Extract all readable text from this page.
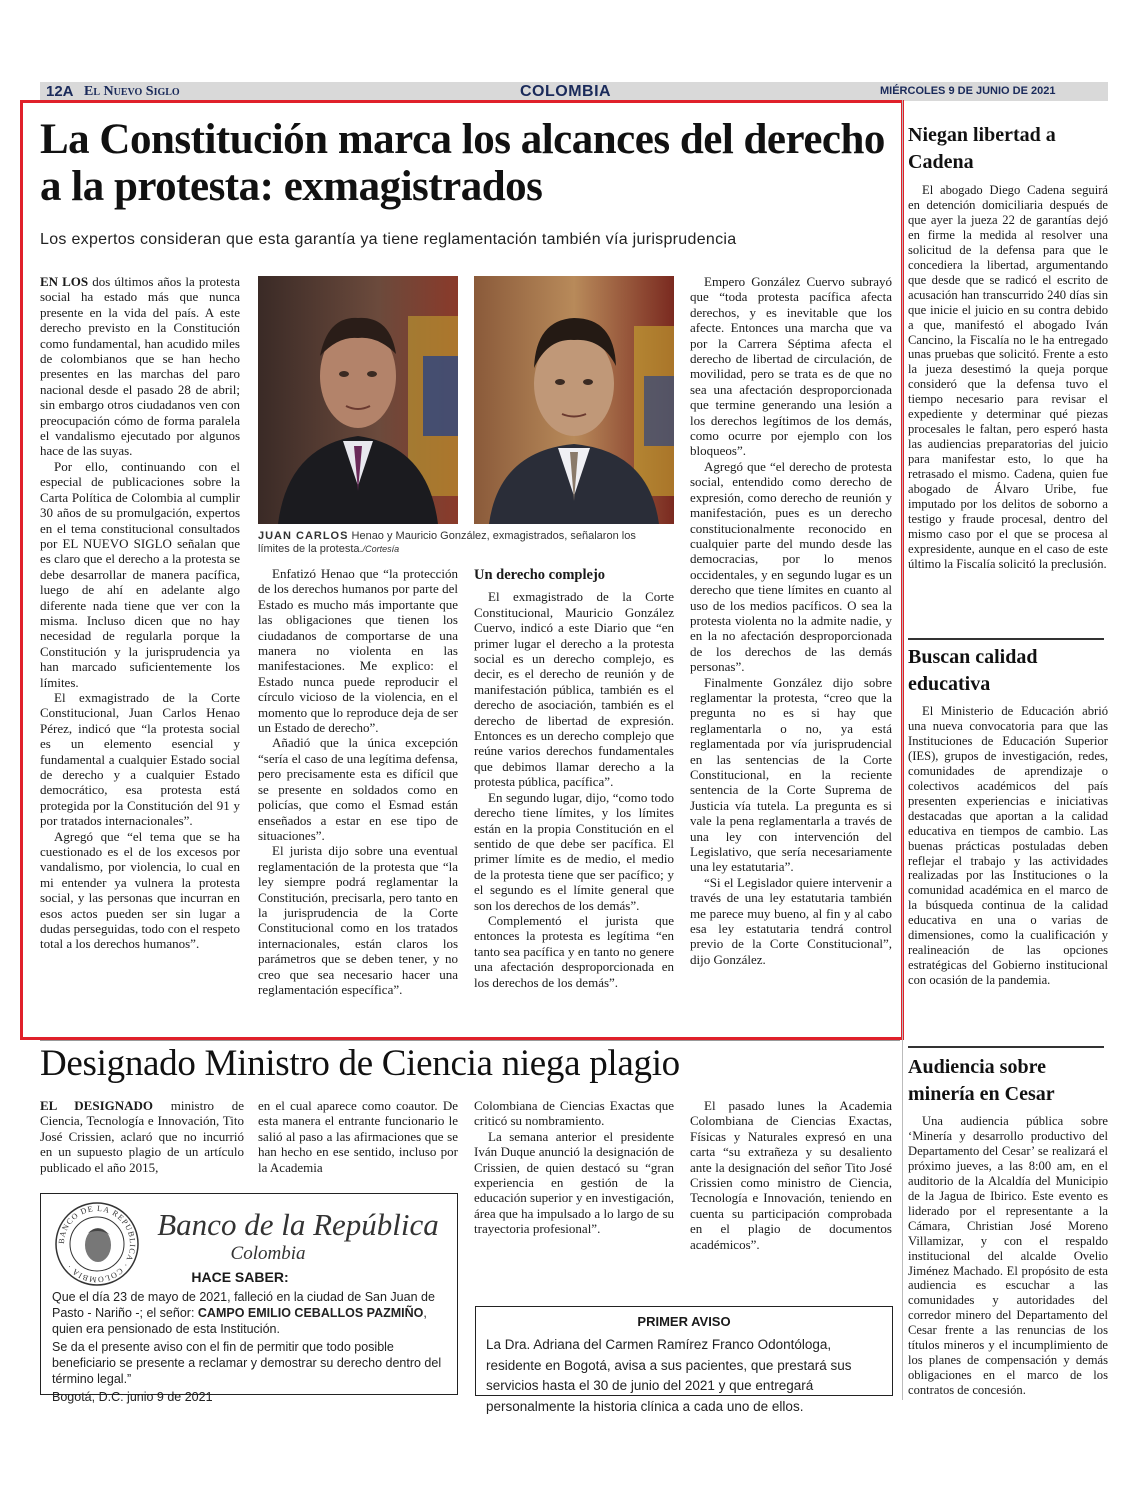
12A El Nuevo Siglo	COLOMBIA	MIÉRCOLES 9 DE JUNIO DE 2021
La Constitución marca los alcances del derecho a la protesta: exmagistrados
Los expertos consideran que esta garantía ya tiene reglamentación también vía jurisprudencia

EN LOS dos últimos años la protesta social ha estado más que nunca presente en la vida del país. A este derecho previsto en la Constitución como fundamental, han acudido miles de colombianos que se han hecho presentes en las marchas del paro nacional desde el pasado 28 de abril; sin embargo otros ciudadanos ven con preocupación cómo de forma paralela el vandalismo ejecutado por algunos hace de las suyas.

Por ello, continuando con el especial de publicaciones sobre la Carta Política de Colombia al cumplir 30 años de su promulgación, expertos en el tema constitucional consultados por EL NUEVO SIGLO señalan que es claro que el derecho a la protesta se debe desarrollar de manera pacífica, luego de ahí en adelante algo diferente nada tiene que ver con la misma. Incluso dicen que no hay necesidad de regularla porque la Constitución y la jurisprudencia ya han marcado suficientemente los límites.

El exmagistrado de la Corte Constitucional, Juan Carlos Henao Pérez, indicó que “la protesta social es un elemento esencial y fundamental a cualquier Estado social de derecho y a cualquier Estado democrático, esa protesta está protegida por la Constitución del 91 y por tratados internacionales”.

Agregó que “el tema que se ha cuestionado es el de los excesos por vandalismo, por violencia, lo cual en mi entender ya vulnera la protesta social, y las personas que incurran en esos actos pueden ser sin lugar a dudas perseguidas, todo con el respeto total a los derechos humanos”.

JUAN CARLOS Henao y Mauricio González, exmagistrados, señalaron los límites de la protesta./Cortesía

Enfatizó Henao que “la protección de los derechos humanos por parte del Estado es mucho más importante que las obligaciones que tienen los ciudadanos de comportarse de una manera no violenta en las manifestaciones. Me explico: el Estado nunca puede reproducir el círculo vicioso de la violencia, en el momento que lo reproduce deja de ser un Estado de derecho”.

Añadió que la única excepción “sería el caso de una legítima defensa, pero precisamente esta es difícil que se presente en soldados como en policías, que como el Esmad están enseñados a estar en ese tipo de situaciones”.

El jurista dijo sobre una eventual reglamentación de la protesta que “la ley siempre podrá reglamentar la Constitución, precisarla, pero tanto en la jurisprudencia de la Corte Constitucional como en los tratados internacionales, están claros los parámetros que se deben tener, y no creo que sea necesario hacer una reglamentación específica”.

Un derecho complejo

El exmagistrado de la Corte Constitucional, Mauricio González Cuervo, indicó a este Diario que “en primer lugar el derecho a la protesta social es un derecho complejo, es decir, es el derecho de reunión y de manifestación pública, también es el derecho de asociación, también es el derecho de libertad de expresión. Entonces es un derecho complejo que reúne varios derechos fundamentales que debimos llamar derecho a la protesta pública, pacífica”.

En segundo lugar, dijo, “como todo derecho tiene límites, y los límites están en la propia Constitución en el sentido de que debe ser pacífica. El primer límite es de medio, el medio de la protesta tiene que ser pacífico; y el segundo es el límite general que son los derechos de los demás”.

Complementó el jurista que entonces la protesta es legítima “en tanto sea pacífica y en tanto no genere una afectación desproporcionada en los derechos de los demás”.

Empero González Cuervo subrayó que “toda protesta pacífica afecta derechos, y es inevitable que los afecte. Entonces una marcha que va por la Carrera Séptima afecta el derecho de libertad de circulación, de movilidad, pero se trata es de que no sea una afectación desproporcionada que termine generando una lesión a los derechos legítimos de los demás, como ocurre por ejemplo con los bloqueos”.

Agregó que “el derecho de protesta social, entendido como derecho de expresión, como derecho de reunión y manifestación, pues es un derecho constitucionalmente reconocido en cualquier parte del mundo desde las democracias, por lo menos occidentales, y en segundo lugar es un derecho que tiene límites en cuanto al uso de los medios pacíficos. O sea la protesta violenta no la admite nadie, y en la no afectación desproporcionada de los derechos de las demás personas”.

Finalmente González dijo sobre reglamentar la protesta, “creo que la pregunta no es si hay que reglamentarla o no, ya está reglamentada por vía jurisprudencial en las sentencias de la Corte Constitucional, en la reciente sentencia de la Corte Suprema de Justicia vía tutela. La pregunta es si vale la pena reglamentarla a través de una ley con intervención del Legislativo, que sería necesariamente una ley estatutaria”.

“Si el Legislador quiere intervenir a través de una ley estatutaria también me parece muy bueno, al fin y al cabo esa ley estatutaria tendrá control previo de la Corte Constitucional”, dijo González.

Niegan libertad a Cadena

El abogado Diego Cadena seguirá en detención domiciliaria después de que ayer la jueza 22 de garantías dejó en firme la medida al resolver una solicitud de la defensa para que le concediera la libertad, argumentando que desde que se radicó el escrito de acusación han transcurrido 240 días sin que inicie el juicio en su contra debido a que, manifestó el abogado Iván Cancino, la Fiscalía no le ha entregado unas pruebas que solicitó. Frente a esto la jueza desestimó la queja porque consideró que la defensa tuvo el tiempo necesario para revisar el expediente y determinar qué piezas procesales le faltan, pero esperó hasta las audiencias preparatorias del juicio para manifestar esto, lo que ha retrasado el mismo. Cadena, quien fue abogado de Álvaro Uribe, fue imputado por los delitos de soborno a testigo y fraude procesal, dentro del mismo caso por el que se procesa al expresidente, aunque en el caso de este último la Fiscalía solicitó la preclusión.

Buscan calidad educativa

El Ministerio de Educación abrió una nueva convocatoria para que las Instituciones de Educación Superior (IES), grupos de investigación, redes, comunidades de aprendizaje o colectivos académicos del país presenten experiencias e iniciativas destacadas que aportan a la calidad educativa en tiempos de cambio. Las buenas prácticas postuladas deben reflejar el trabajo y las actividades realizadas por las Instituciones o la comunidad académica en el marco de la búsqueda continua de la calidad educativa en una o varias de dimensiones, como la cualificación y realineación de las opciones estratégicas del Gobierno institucional con ocasión de la pandemia.

Audiencia sobre minería en Cesar

Una audiencia pública sobre ‘Minería y desarrollo productivo del Departamento del Cesar’ se realizará el próximo jueves, a las 8:00 am, en el auditorio de la Alcaldía del Municipio de la Jagua de Ibirico. Este evento es liderado por el representante a la Cámara, Christian José Moreno Villamizar, y con el respaldo institucional del alcalde Ovelio Jiménez Machado. El propósito de esta audiencia es escuchar a las comunidades y autoridades del corredor minero del Departamento del Cesar frente a las renuncias de los títulos mineros y el incumplimiento de los planes de compensación y demás obligaciones en el marco de los contratos de concesión.

Designado Ministro de Ciencia niega plagio

EL DESIGNADO ministro de Ciencia, Tecnología e Innovación, Tito José Crissien, aclaró que no incurrió en un supuesto plagio de un artículo publicado el año 2015,

en el cual aparece como coautor. De esta manera el entrante funcionario le salió al paso a las afirmaciones que se han hecho en ese sentido, incluso por la Academia

Colombiana de Ciencias Exactas que criticó su nombramiento.

La semana anterior el presidente Iván Duque anunció la designación de Crissien, de quien destacó su “gran experiencia en gestión de la educación superior y en investigación, área que ha impulsado a lo largo de su trayectoria profesional”.

El pasado lunes la Academia Colombiana de Ciencias Exactas, Físicas y Naturales expresó en una carta “su extrañeza y su desaliento ante la designación del señor Tito José Crissien como ministro de Ciencia, Tecnología e Innovación, teniendo en cuenta su participación comprobada en el plagio de documentos académicos”.

BANCO DE LA REPUBLICA · COLOMBIA ·
Banco de la República
Colombia
HACE SABER:

Que el día 23 de mayo de 2021, falleció en la ciudad de San Juan de Pasto - Nariño -; el señor: CAMPO EMILIO CEBALLOS PAZMIÑO, quien era pensionado de esta Institución.

Se da el presente aviso con el fin de permitir que todo posible beneficiario se presente a reclamar y demostrar su derecho dentro del término legal.”

Bogotá, D.C. junio 9 de 2021

PRIMER AVISO
La Dra. Adriana del Carmen Ramírez Franco Odontóloga, residente en Bogotá, avisa a sus pacientes, que prestará sus servicios hasta el 30 de junio del 2021 y que entregará personalmente la historia clínica a cada uno de ellos.
